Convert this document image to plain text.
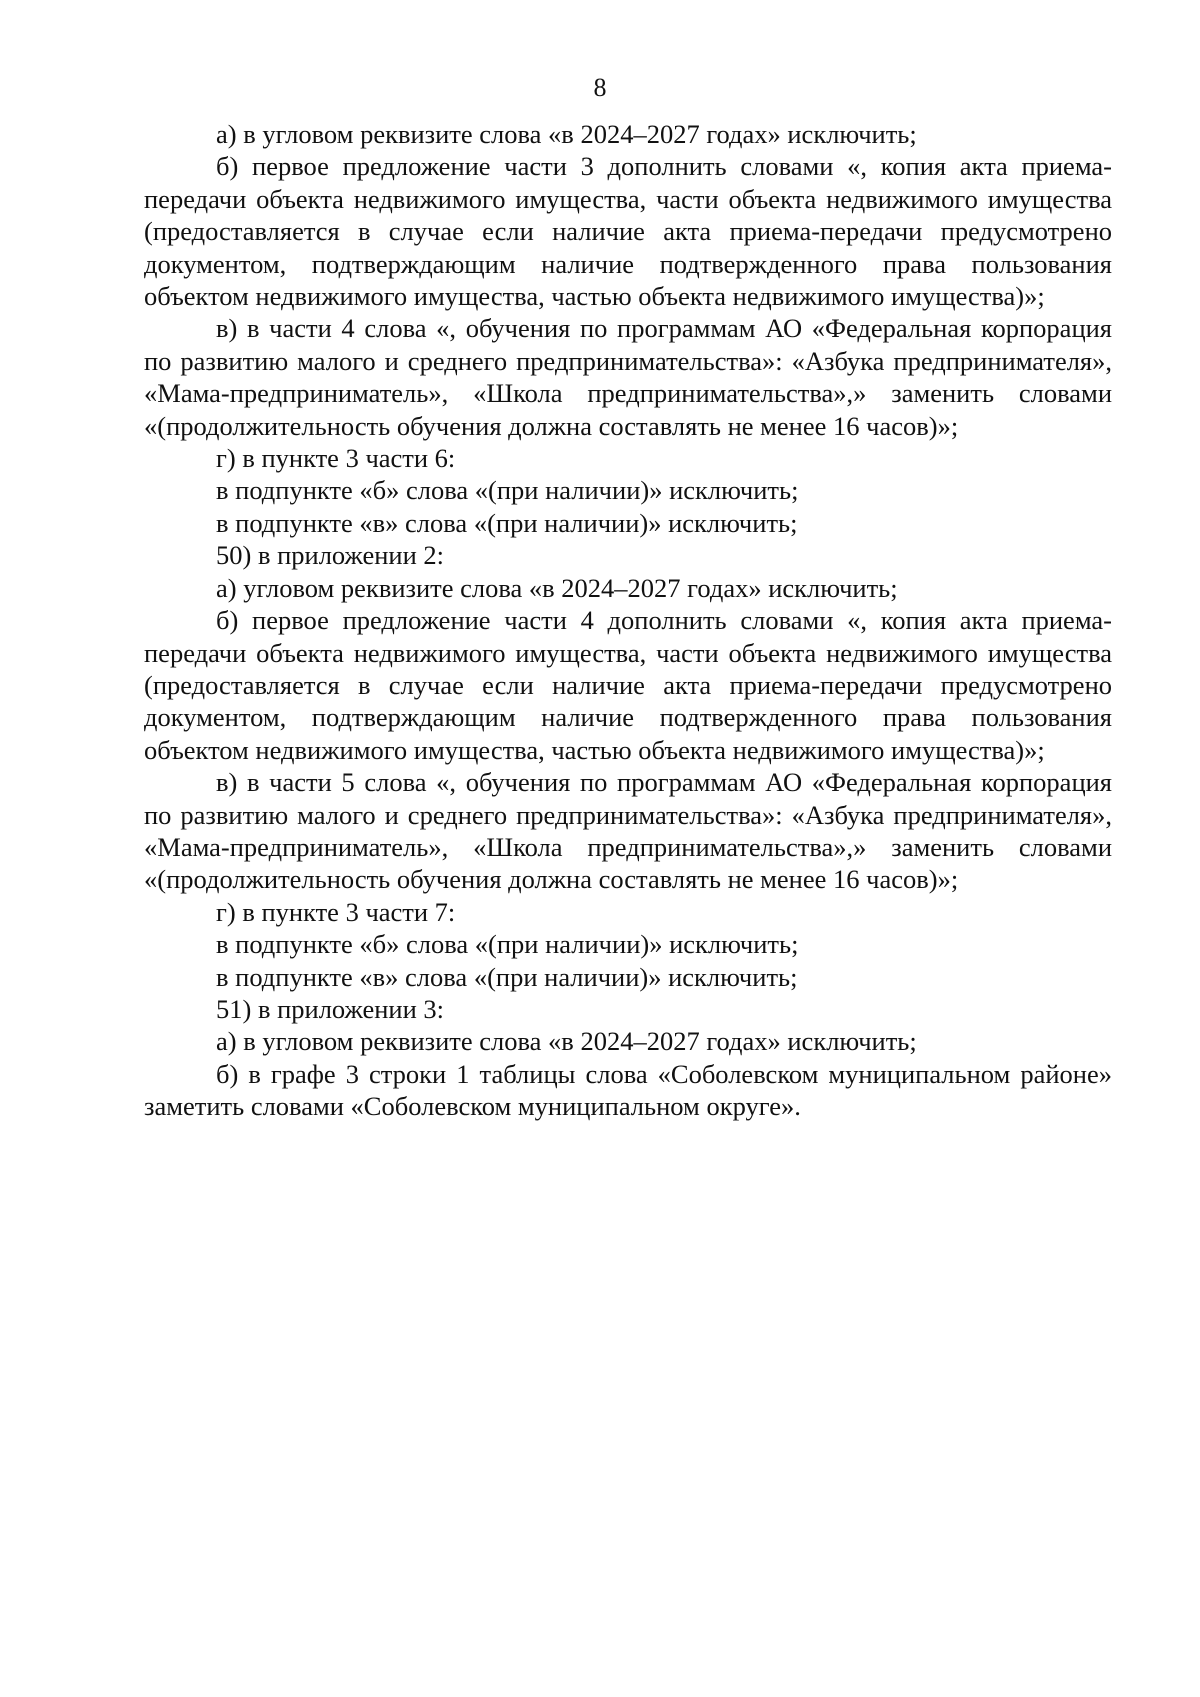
8

а) в угловом реквизите слова «в 2024–2027 годах» исключить;

б) первое предложение части 3 дополнить словами «, копия акта приема-передачи объекта недвижимого имущества, части объекта недвижимого имущества (предоставляется в случае если наличие акта приема-передачи предусмотрено документом, подтверждающим наличие подтвержденного права пользования объектом недвижимого имущества, частью объекта недвижимого имущества)»;

в) в части 4 слова «, обучения по программам АО «Федеральная корпорация по развитию малого и среднего предпринимательства»: «Азбука предпринимателя», «Мама-предприниматель», «Школа предпринимательства»,» заменить словами «(продолжительность обучения должна составлять не менее 16 часов)»;

г) в пункте 3 части 6:

в подпункте «б» слова «(при наличии)» исключить;

в подпункте «в» слова «(при наличии)» исключить;

50) в приложении 2:

а) угловом реквизите слова «в 2024–2027 годах» исключить;

б) первое предложение части 4 дополнить словами «, копия акта приема-передачи объекта недвижимого имущества, части объекта недвижимого имущества (предоставляется в случае если наличие акта приема-передачи предусмотрено документом, подтверждающим наличие подтвержденного права пользования объектом недвижимого имущества, частью объекта недвижимого имущества)»;

в) в части 5 слова «, обучения по программам АО «Федеральная корпорация по развитию малого и среднего предпринимательства»: «Азбука предпринимателя», «Мама-предприниматель», «Школа предпринимательства»,» заменить словами «(продолжительность обучения должна составлять не менее 16 часов)»;

г) в пункте 3 части 7:

в подпункте «б» слова «(при наличии)» исключить;

в подпункте «в» слова «(при наличии)» исключить;

51) в приложении 3:

а) в угловом реквизите слова «в 2024–2027 годах» исключить;

б) в графе 3 строки 1 таблицы слова «Соболевском муниципальном районе» заметить словами «Соболевском муниципальном округе».
